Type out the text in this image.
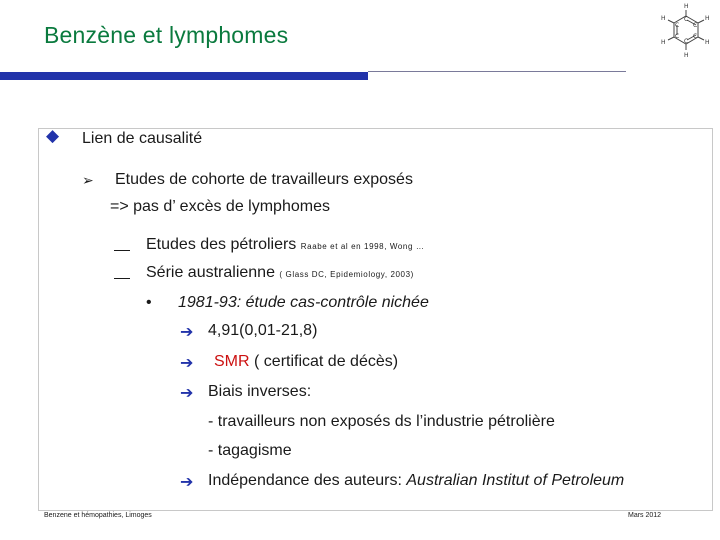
Benzène et lymphomes
H
H
H
H
H
H	C
C
C
C
C
C
◆ Lien de causalité
➢ Etudes de cohorte de travailleurs exposés
=> pas d’ excès de lymphomes
Etudes des pétroliers Raabe et al en 1998, Wong …
Série australienne ( Glass DC, Epidemiology, 2003)
• 1981-93: étude cas-contrôle nichée
➔ 4,91(0,01-21,8)
➔ SMR ( certificat de décès)
➔ Biais inverses:
- travailleurs non exposés ds l’industrie pétrolière
- tagagisme
➔ Indépendance des auteurs: Australian Institut of Petroleum
Benzene et hémopathies, Limoges	Mars 2012
